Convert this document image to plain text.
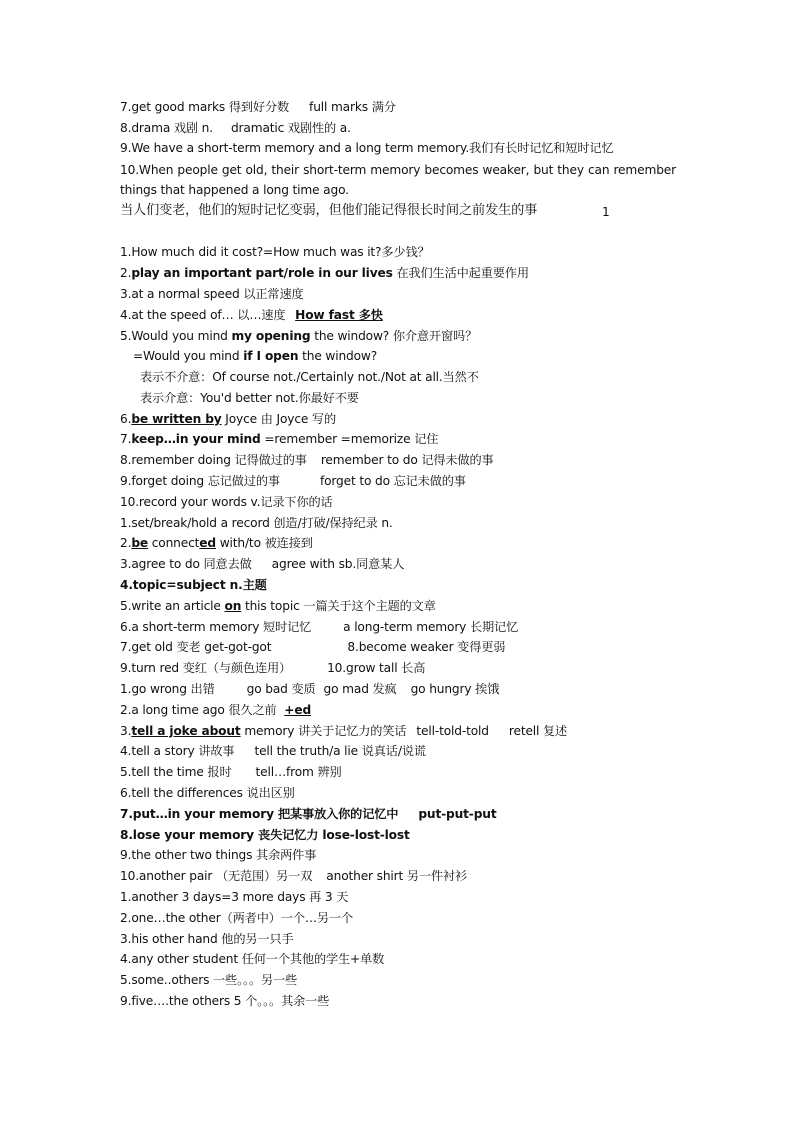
7.get good marks 得到好分数 full marks 满分
8.drama 戏剧 n. dramatic 戏剧性的 a.
9.We have a short-term memory and a long term memory.我们有长时记忆和短时记忆
10.When people get old, their short-term memory becomes weaker, but they can remember things that happened a long time ago.
当人们变老，他们的短时记忆变弱，但他们能记得很长时间之前发生的事	1
1.How much did it cost?=How much was it?多少钱？
2.play an important part/role in our lives 在我们生活中起重要作用
3.at a normal speed 以正常速度
4.at the speed of… 以…速度 How fast 多快
5.Would you mind my opening the window? 你介意开窗吗？
=Would you mind if I open the window?
表示不介意：Of course not./Certainly not./Not at all.当然不
表示介意：You'd better not.你最好不要
6.be written by Joyce 由 Joyce 写的
7.keep…in your mind =remember =memorize 记住
8.remember doing 记得做过的事 remember to do 记得未做的事
9.forget doing 忘记做过的事	forget to do 忘记未做的事
10.record your words v.记录下你的话
1.set/break/hold a record 创造/打破/保持纪录 n.
2.be connected with/to 被连接到
3.agree to do 同意去做 agree with sb.同意某人
4.topic=subject n.主题
5.write an article on this topic 一篇关于这个主题的文章
6.a short-term memory 短时记忆	a long-term memory 长期记忆
7.get old 变老 get-got-got	8.become weaker 变得更弱
9.turn red 变红（与颜色连用）	10.grow tall 长高
1.go wrong 出错	go bad 变质 go mad 发疯 go hungry 挨饿
2.a long time ago 很久之前 +ed
3.tell a joke about memory 讲关于记忆力的笑话 tell-told-told retell 复述
4.tell a story 讲故事 tell the truth/a lie 说真话/说谎
5.tell the time 报时 tell…from 辨别
6.tell the differences 说出区别
7.put…in your memory 把某事放入你的记忆中 put-put-put
8.lose your memory 丧失记忆力 lose-lost-lost
9.the other two things 其余两件事
10.another pair （无范围）另一双 another shirt 另一件衬衫
1.another 3 days=3 more days 再 3 天
2.one…the other（两者中）一个…另一个
3.his other hand 他的另一只手
4.any other student 任何一个其他的学生+单数
5.some..others 一些。。。另一些
9.five….the others 5 个。。。其余一些
